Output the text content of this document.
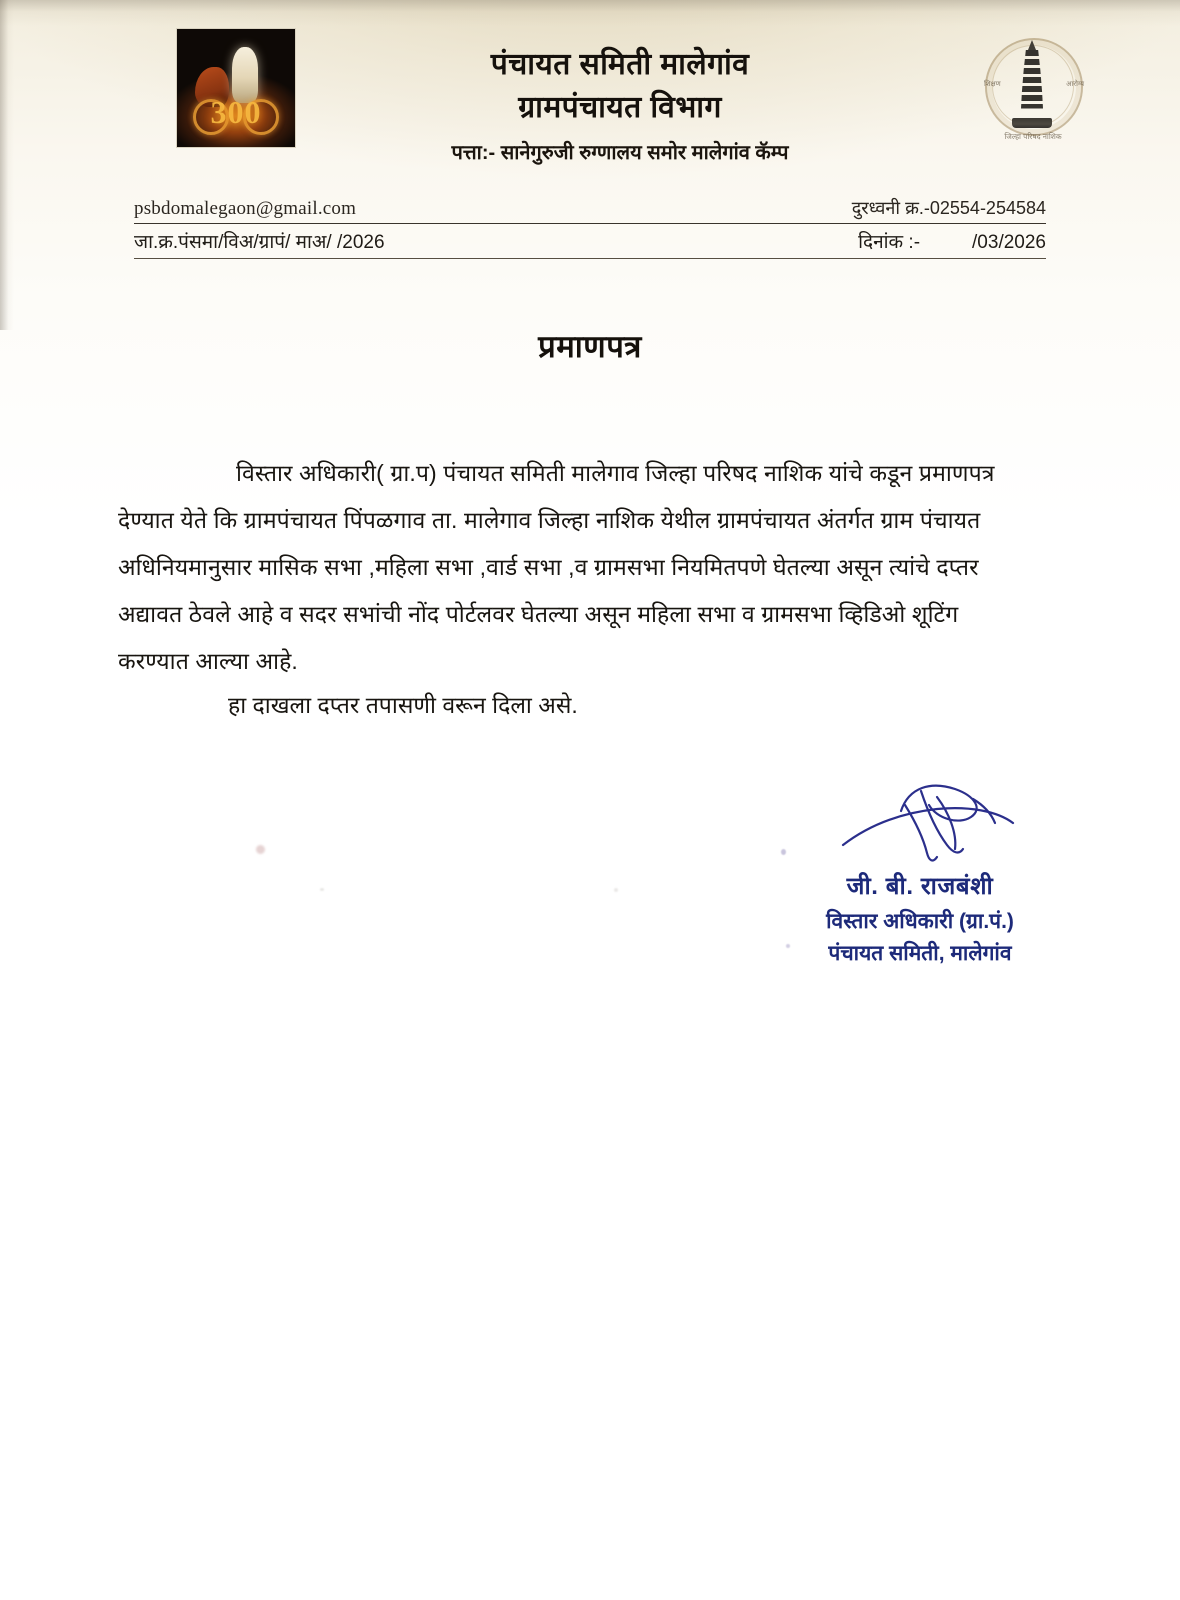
300
पंचायत समिती मालेगांव
ग्रामपंचायत विभाग
पत्ता:- सानेगुरुजी रुग्णालय समोर मालेगांव कॅम्प
शिक्षण	आरोग्य
जिल्हा परिषद नाशिक
psbdomalegaon@gmail.com	दुरध्वनी क्र.-02554-254584
जा.क्र.पंसमा/विअ/ग्रापं/ माअ/ /2026	दिनांक :-	/03/2026
प्रमाणपत्र
विस्तार अधिकारी( ग्रा.प) पंचायत समिती मालेगाव जिल्हा परिषद नाशिक यांचे कडून प्रमाणपत्र
देण्यात येते कि ग्रामपंचायत पिंपळगाव ता. मालेगाव जिल्हा नाशिक येथील ग्रामपंचायत अंतर्गत ग्राम पंचायत
अधिनियमानुसार मासिक सभा ,महिला सभा ,वार्ड सभा ,व ग्रामसभा नियमितपणे घेतल्या असून त्यांचे दप्तर
अद्यावत ठेवले आहे व सदर सभांची नोंद पोर्टलवर घेतल्या असून महिला सभा व ग्रामसभा व्हिडिओ शूटिंग
करण्यात आल्या आहे.
हा दाखला दप्तर तपासणी वरून दिला असे.
जी. बी. राजबंशी
विस्तार अधिकारी (ग्रा.पं.)
पंचायत समिती, मालेगांव
